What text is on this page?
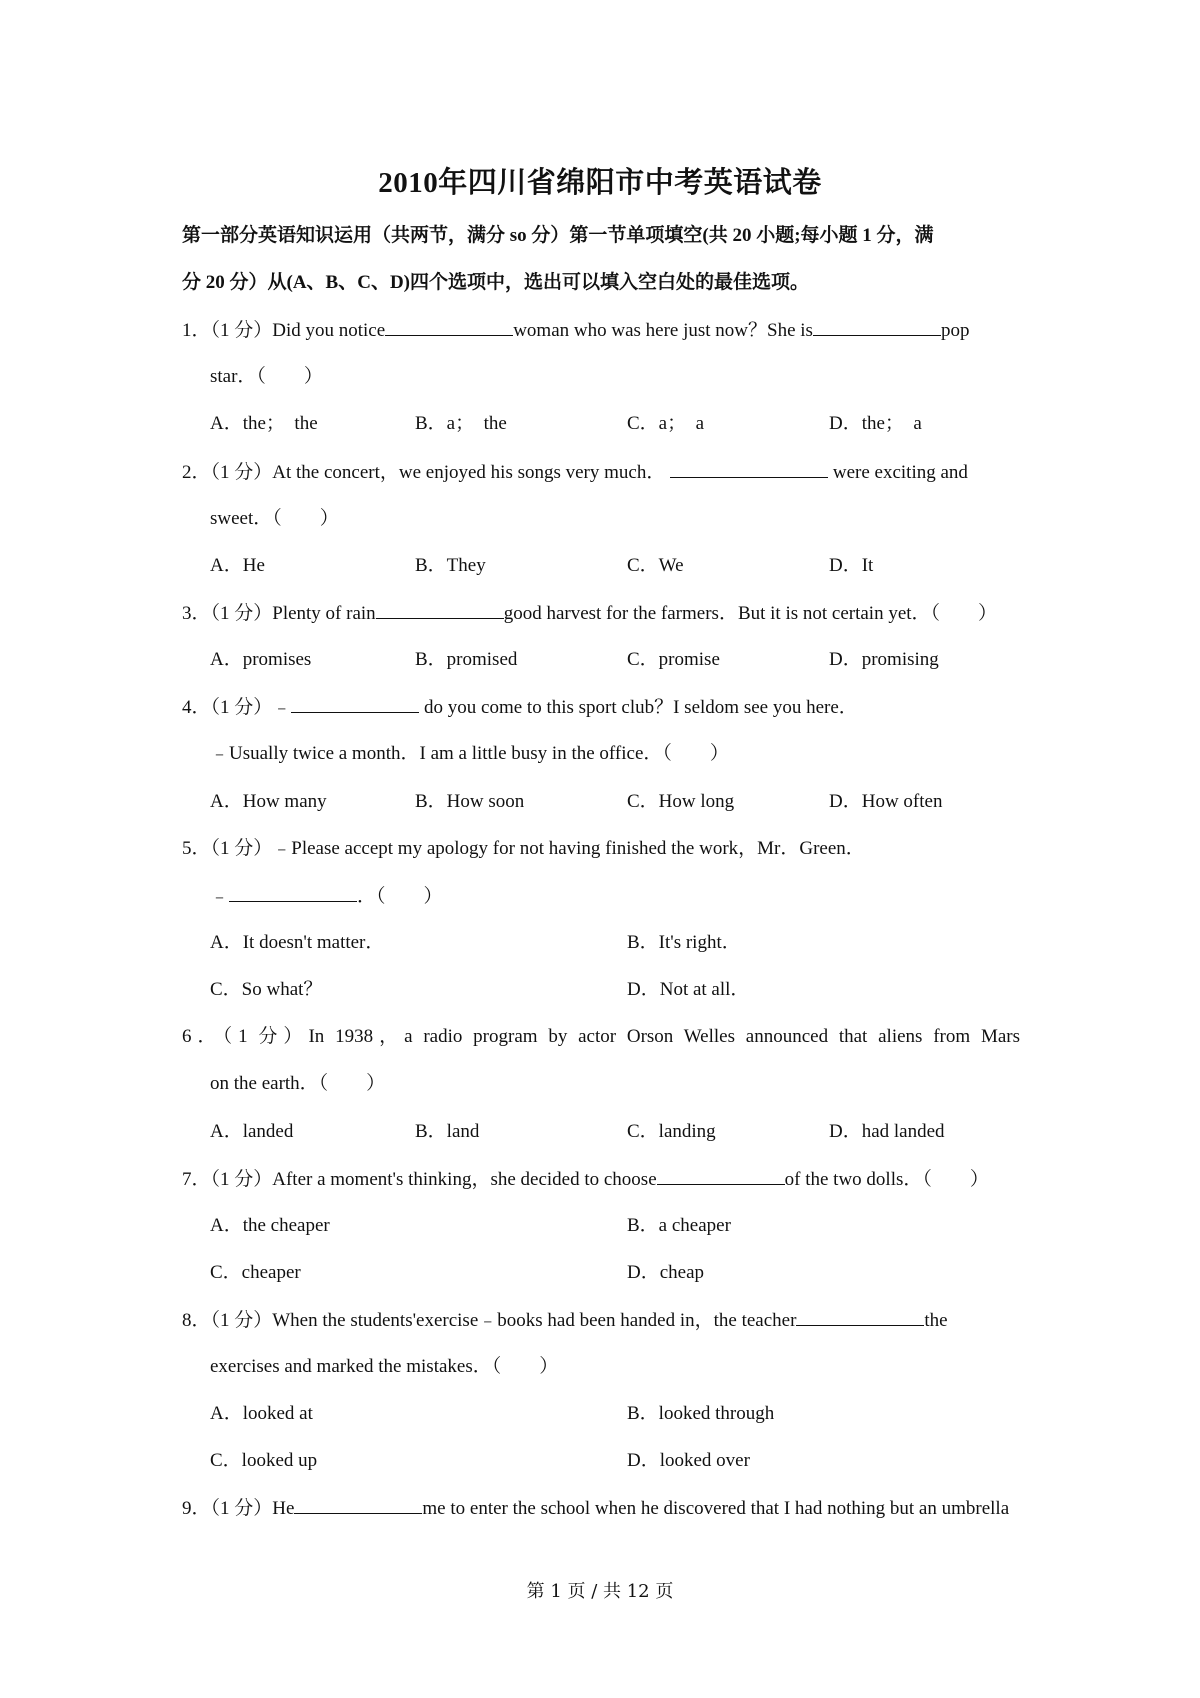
2010年四川省绵阳市中考英语试卷
第一部分英语知识运用（共两节，满分 so 分）第一节单项填空(共 20 小题;每小题 1 分，满
分 20 分）从(A、B、C、D)四个选项中，选出可以填入空白处的最佳选项。
1．（1 分）Did you notice	woman who was here just now？She is	pop
star．（　　）
A．the；　the	B．a；　the	C．a；　a	D．the；　a
2．（1 分）At the concert，we enjoyed his songs very much．	were exciting and
sweet．（　　）
A．He	B．They	C．We	D．It
3．（1 分）Plenty of rain	good harvest for the farmers．But it is not certain yet．（　　）
A．promises	B．promised	C．promise	D．promising
4．（1 分）﹣	do you come to this sport club？I seldom see you here．
﹣Usually twice a month．I am a little busy in the office．（　　）
A．How many	B．How soon	C．How long	D．How often
5．（1 分）﹣Please accept my apology for not having finished the work，Mr．Green．
﹣	．（　　）
A．It doesn't matter．	B．It's right．
C．So what？	D．Not at all．
6．（1 分）In 1938，a radio program by actor Orson Welles announced that aliens from Mars
on the earth．（　　）
A．landed	B．land	C．landing	D．had landed
7．（1 分）After a moment's thinking，she decided to choose	of the two dolls．（　　）
A．the cheaper	B．a cheaper
C．cheaper	D．cheap
8．（1 分）When the students'exercise﹣books had been handed in，the teacher	the
exercises and marked the mistakes．（　　）
A．looked at	B．looked through
C．looked up	D．looked over
9．（1 分）He	me to enter the school when he discovered that I had nothing but an umbrella
第 1 页 / 共 12 页
